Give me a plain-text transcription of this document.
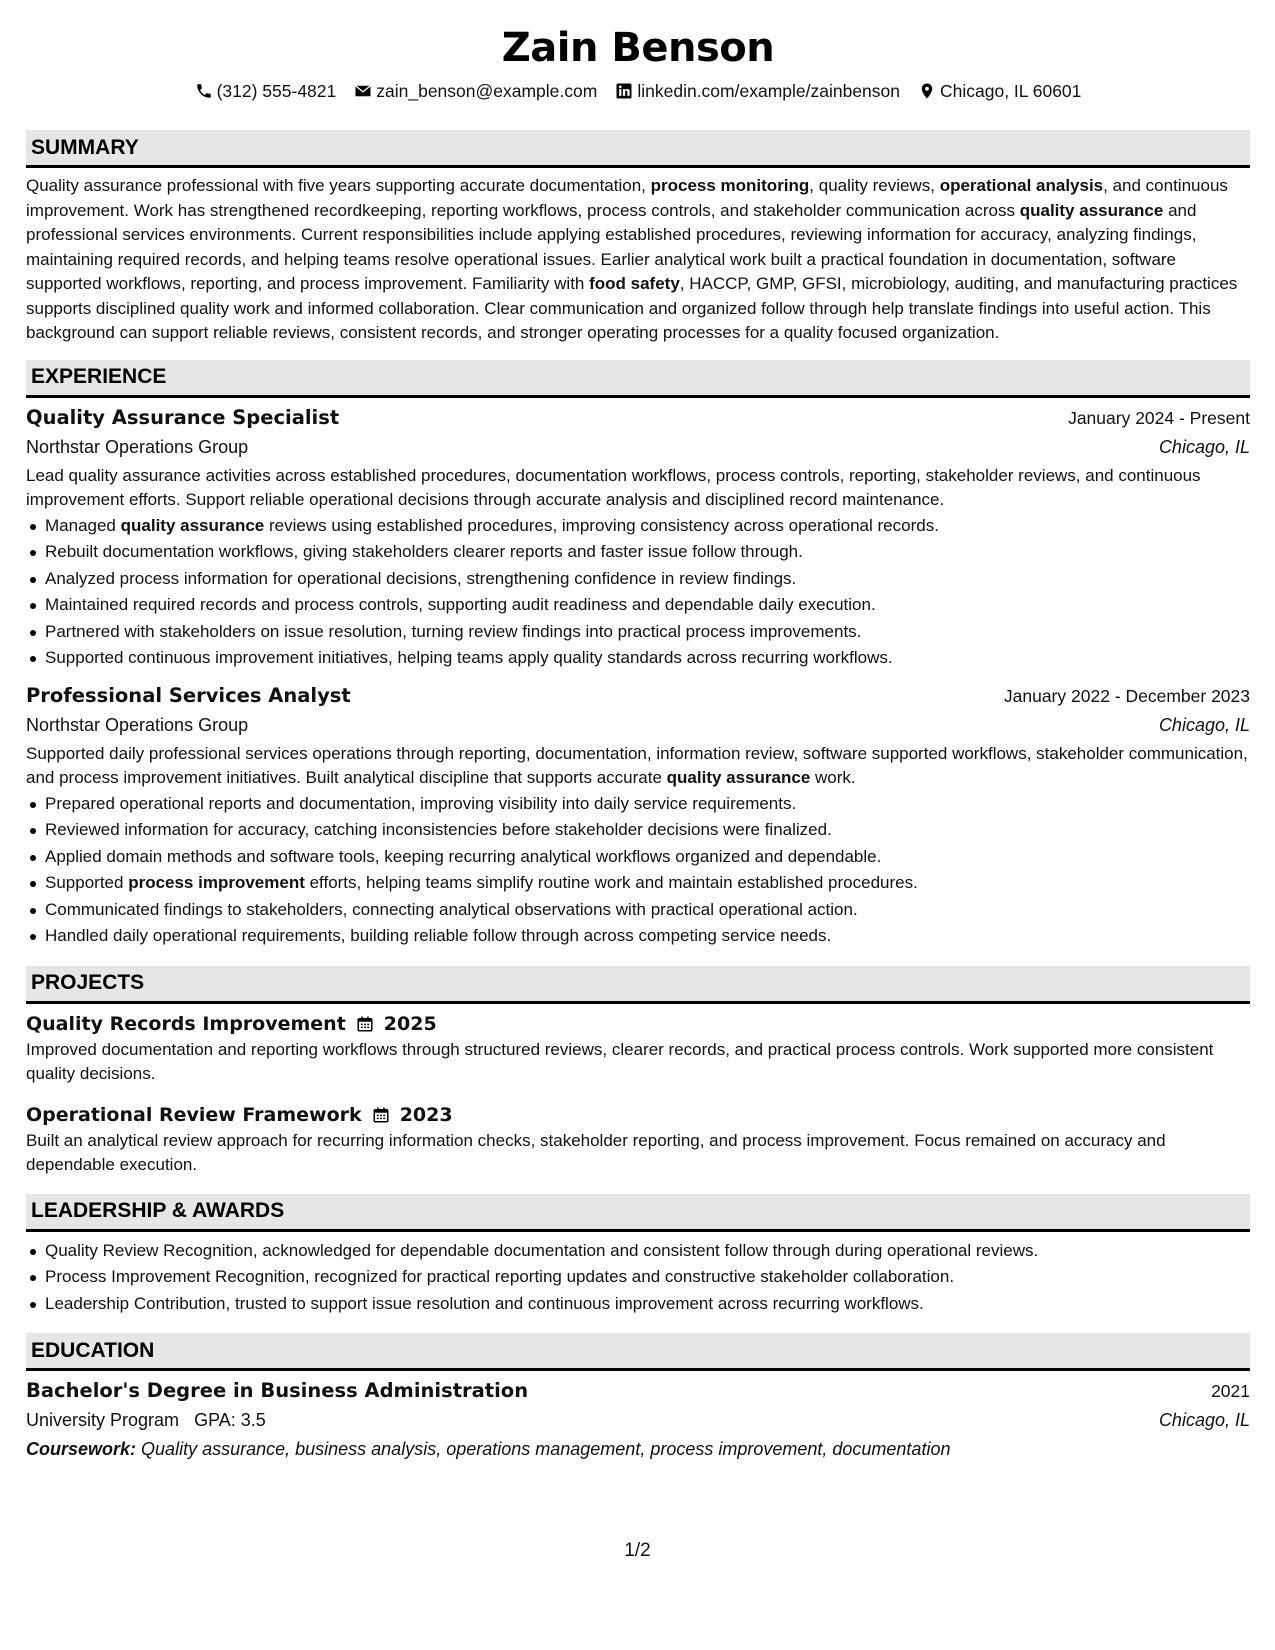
Zain Benson
(312) 555-4821 zain_benson@example.com linkedin.com/example/zainbenson Chicago, IL 60601
SUMMARY
Quality assurance professional with five years supporting accurate documentation, process monitoring, quality reviews, operational analysis, and continuous improvement. Work has strengthened recordkeeping, reporting workflows, process controls, and stakeholder communication across quality assurance and professional services environments. Current responsibilities include applying established procedures, reviewing information for accuracy, analyzing findings, maintaining required records, and helping teams resolve operational issues. Earlier analytical work built a practical foundation in documentation, software supported workflows, reporting, and process improvement. Familiarity with food safety, HACCP, GMP, GFSI, microbiology, auditing, and manufacturing practices supports disciplined quality work and informed collaboration. Clear communication and organized follow through help translate findings into useful action. This background can support reliable reviews, consistent records, and stronger operating processes for a quality focused organization.
EXPERIENCE
Quality Assurance Specialist	January 2024 - Present
Northstar Operations Group	Chicago, IL
Lead quality assurance activities across established procedures, documentation workflows, process controls, reporting, stakeholder reviews, and continuous improvement efforts. Support reliable operational decisions through accurate analysis and disciplined record maintenance.
Managed quality assurance reviews using established procedures, improving consistency across operational records.
Rebuilt documentation workflows, giving stakeholders clearer reports and faster issue follow through.
Analyzed process information for operational decisions, strengthening confidence in review findings.
Maintained required records and process controls, supporting audit readiness and dependable daily execution.
Partnered with stakeholders on issue resolution, turning review findings into practical process improvements.
Supported continuous improvement initiatives, helping teams apply quality standards across recurring workflows.
Professional Services Analyst	January 2022 - December 2023
Northstar Operations Group	Chicago, IL
Supported daily professional services operations through reporting, documentation, information review, software supported workflows, stakeholder communication, and process improvement initiatives. Built analytical discipline that supports accurate quality assurance work.
Prepared operational reports and documentation, improving visibility into daily service requirements.
Reviewed information for accuracy, catching inconsistencies before stakeholder decisions were finalized.
Applied domain methods and software tools, keeping recurring analytical workflows organized and dependable.
Supported process improvement efforts, helping teams simplify routine work and maintain established procedures.
Communicated findings to stakeholders, connecting analytical observations with practical operational action.
Handled daily operational requirements, building reliable follow through across competing service needs.
PROJECTS
Quality Records Improvement 2025
Improved documentation and reporting workflows through structured reviews, clearer records, and practical process controls. Work supported more consistent quality decisions.
Operational Review Framework 2023
Built an analytical review approach for recurring information checks, stakeholder reporting, and process improvement. Focus remained on accuracy and dependable execution.
LEADERSHIP & AWARDS
Quality Review Recognition, acknowledged for dependable documentation and consistent follow through during operational reviews.
Process Improvement Recognition, recognized for practical reporting updates and constructive stakeholder collaboration.
Leadership Contribution, trusted to support issue resolution and continuous improvement across recurring workflows.
EDUCATION
Bachelor's Degree in Business Administration	2021
University Program GPA: 3.5	Chicago, IL
Coursework: Quality assurance, business analysis, operations management, process improvement, documentation
1/2
